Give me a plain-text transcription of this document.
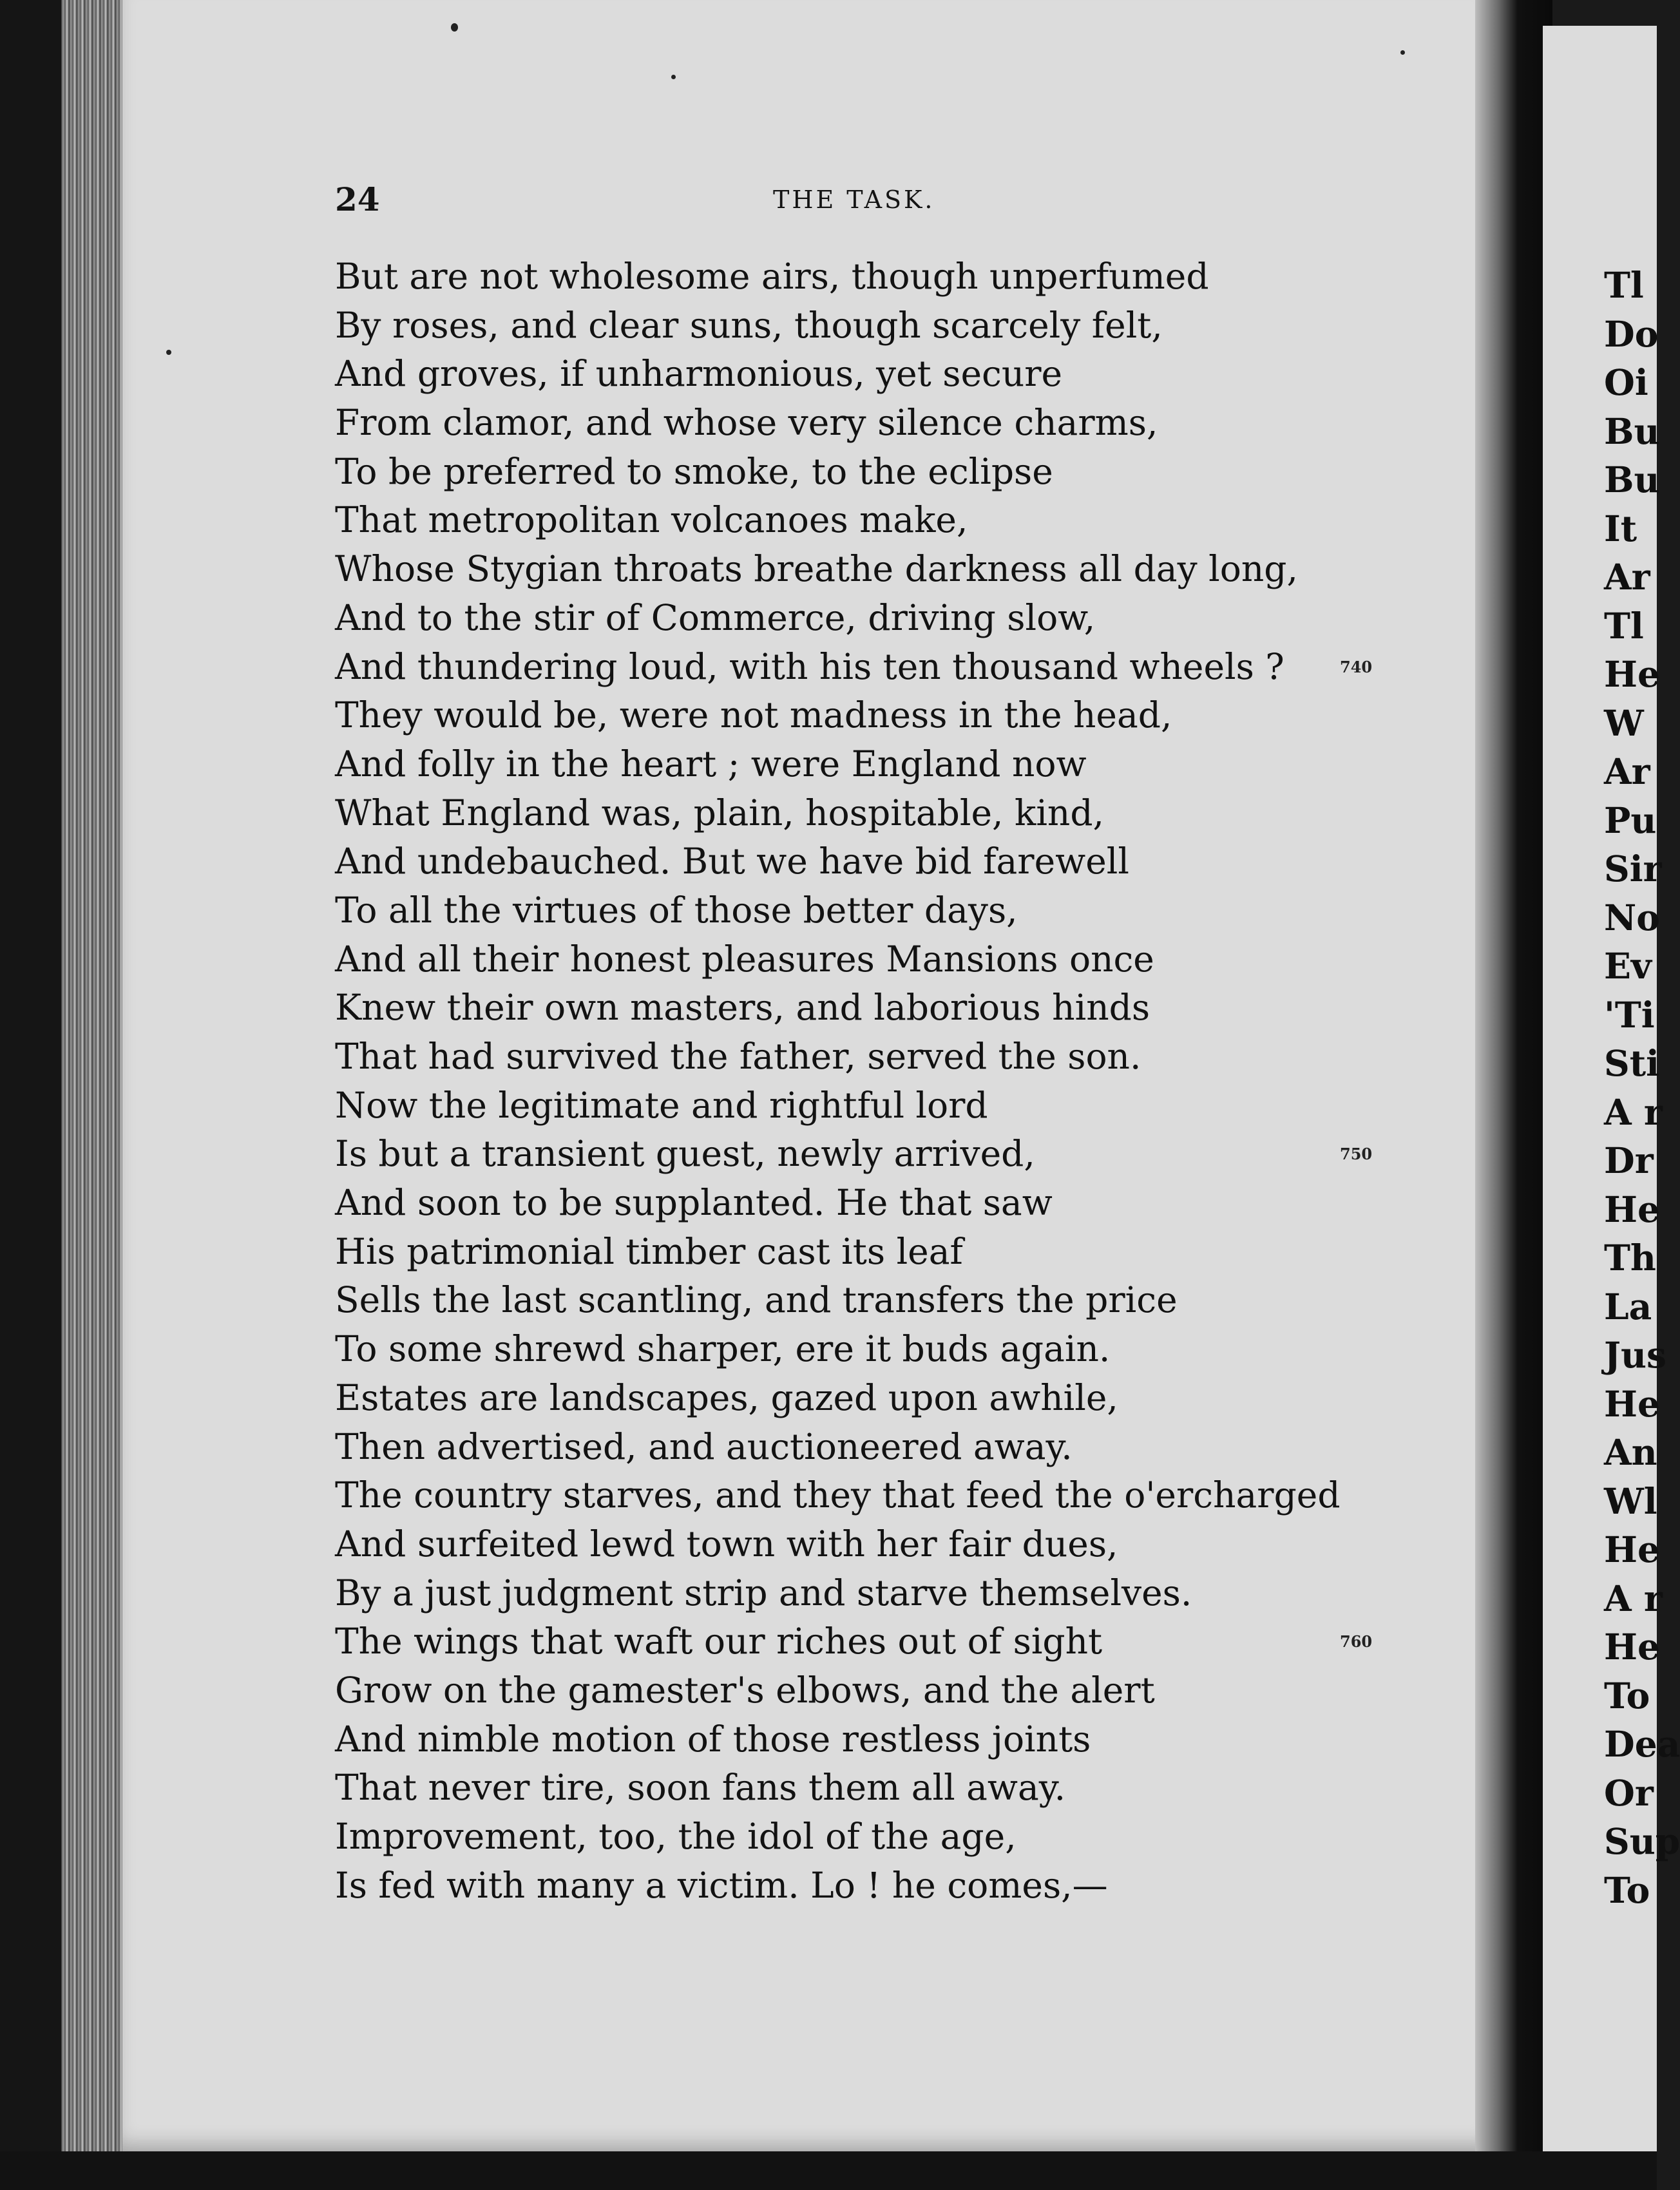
24	THE TASK.
But are not wholesome airs, though unperfumed
By roses, and clear suns, though scarcely felt,
And groves, if unharmonious, yet secure
From clamor, and whose very silence charms,
To be preferred to smoke, to the eclipse
That metropolitan volcanoes make,
Whose Stygian throats breathe darkness all day long,
And to the stir of Commerce, driving slow,
And thundering loud, with his ten thousand wheels ?	740
They would be, were not madness in the head,
And folly in the heart ; were England now
What England was, plain, hospitable, kind,
And undebauched. But we have bid farewell
To all the virtues of those better days,
And all their honest pleasures Mansions once
Knew their own masters, and laborious hinds
That had survived the father, served the son.
Now the legitimate and rightful lord
Is but a transient guest, newly arrived,	750
And soon to be supplanted. He that saw
His patrimonial timber cast its leaf
Sells the last scantling, and transfers the price
To some shrewd sharper, ere it buds again.
Estates are landscapes, gazed upon awhile,
Then advertised, and auctioneered away.
The country starves, and they that feed the o'ercharged
And surfeited lewd town with her fair dues,
By a just judgment strip and starve themselves.
The wings that waft our riches out of sight	760
Grow on the gamester's elbows, and the alert
And nimble motion of those restless joints
That never tire, soon fans them all away.
Improvement, too, the idol of the age,
Is fed with many a victim. Lo ! he comes,—
Tl
Do
Oi
Bu
Bu
It
Ar
Tl
He
W
Ar
Pu
Sir
No
Ev
'Ti
Sti
A r
Dr
He
Th
La
Jus
He
An
Wl
He
A r
He
To
Dea
Or
Sup
To
